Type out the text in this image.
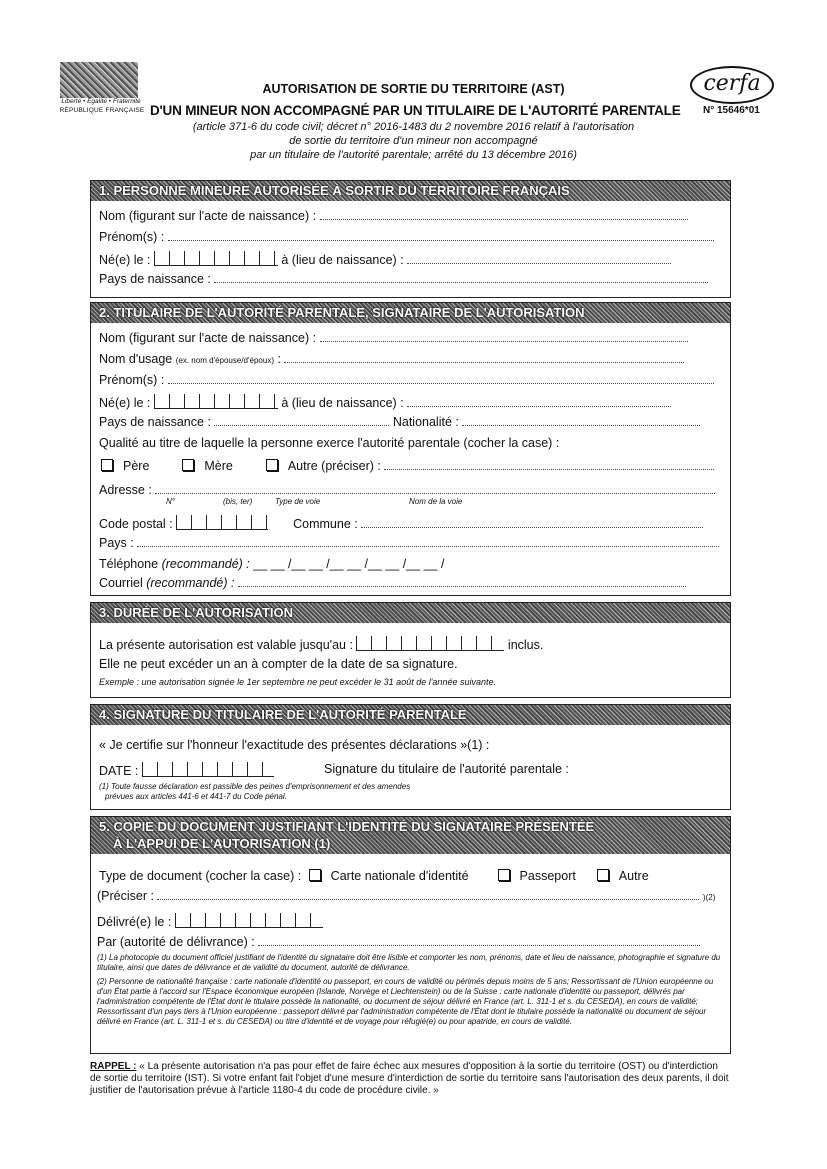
Liberté • Égalité • Fraternité
RÉPUBLIQUE FRANÇAISE
AUTORISATION DE SORTIE DU TERRITOIRE (AST)
D'UN MINEUR NON ACCOMPAGNÉ PAR UN TITULAIRE DE L'AUTORITÉ PARENTALE
(article 371-6 du code civil; décret n° 2016-1483 du 2 novembre 2016 relatif à l'autorisation
de sortie du territoire d'un mineur non accompagné
par un titulaire de l'autorité parentale; arrêté du 13 décembre 2016)
cerfa
N° 15646*01
1. PERSONNE MINEURE AUTORISÉE À SORTIR DU TERRITOIRE FRANÇAIS
Nom (figurant sur l'acte de naissance) :
Prénom(s) :
Né(e) le :	à (lieu de naissance) :
Pays de naissance :
2. TITULAIRE DE L'AUTORITÉ PARENTALE, SIGNATAIRE DE L'AUTORISATION
Nom (figurant sur l'acte de naissance) :
Nom d'usage (ex. nom d'épouse/d'époux) :
Prénom(s) :
Né(e) le :	à (lieu de naissance) :
Pays de naissance :	Nationalité :
Qualité au titre de laquelle la personne exerce l'autorité parentale (cocher la case) :
Père	Mère	Autre (préciser) :
Adresse :
N°	(bis, ter)	Type de voie	Nom de la voie
Code postal :	Commune :
Pays :
Téléphone (recommandé) : __ __ /__ __ /__ __ /__ __ /__ __ /
Courriel (recommandé) :
3. DURÉE DE L'AUTORISATION
La présente autorisation est valable jusqu'au :	inclus.
Elle ne peut excéder un an à compter de la date de sa signature.
Exemple : une autorisation signée le 1er septembre ne peut excéder le 31 août de l'année suivante.
4. SIGNATURE DU TITULAIRE DE L'AUTORITÉ PARENTALE
« Je certifie sur l'honneur l'exactitude des présentes déclarations »(1) :
DATE :	Signature du titulaire de l'autorité parentale :
(1) Toute fausse déclaration est passible des peines d'emprisonnement et des amendes
prévues aux articles 441-6 et 441-7 du Code pénal.
5. COPIE DU DOCUMENT JUSTIFIANT L'IDENTITÉ DU SIGNATAIRE PRÉSENTÉE
À L'APPUI DE L'AUTORISATION (1)
Type de document (cocher la case) : Carte nationale d'identité	Passeport	Autre
(Préciser :	)(2)
Délivré(e) le :
Par (autorité de délivrance) :
(1) La photocopie du document officiel justifiant de l'identité du signataire doit être lisible et comporter les nom, prénoms, date et lieu de naissance, photographie et signature du titulaire, ainsi que dates de délivrance et de validité du document, autorité de délivrance.
(2) Personne de nationalité française : carte nationale d'identité ou passeport, en cours de validité ou périmés depuis moins de 5 ans; Ressortissant de l'Union européenne ou d'un État partie à l'accord sur l'Espace économique européen (Islande, Norvège et Liechtenstein) ou de la Suisse : carte nationale d'identité ou passeport, délivrés par l'administration compétente de l'État dont le titulaire possède la nationalité, ou document de séjour délivré en France (art. L. 311-1 et s. du CESEDA), en cours de validité; Ressortissant d'un pays tiers à l'Union européenne : passeport délivré par l'administration compétente de l'État dont le titulaire possède la nationalité ou document de séjour délivré en France (art. L. 311-1 et s. du CESEDA) ou titre d'identité et de voyage pour réfugié(e) ou pour apatride, en cours de validité.
RAPPEL : « La présente autorisation n'a pas pour effet de faire échec aux mesures d'opposition à la sortie du territoire (OST) ou d'interdiction de sortie du territoire (IST). Si votre enfant fait l'objet d'une mesure d'interdiction de sortie du territoire sans l'autorisation des deux parents, il doit justifier de l'autorisation prévue à l'article 1180-4 du code de procédure civile. »
